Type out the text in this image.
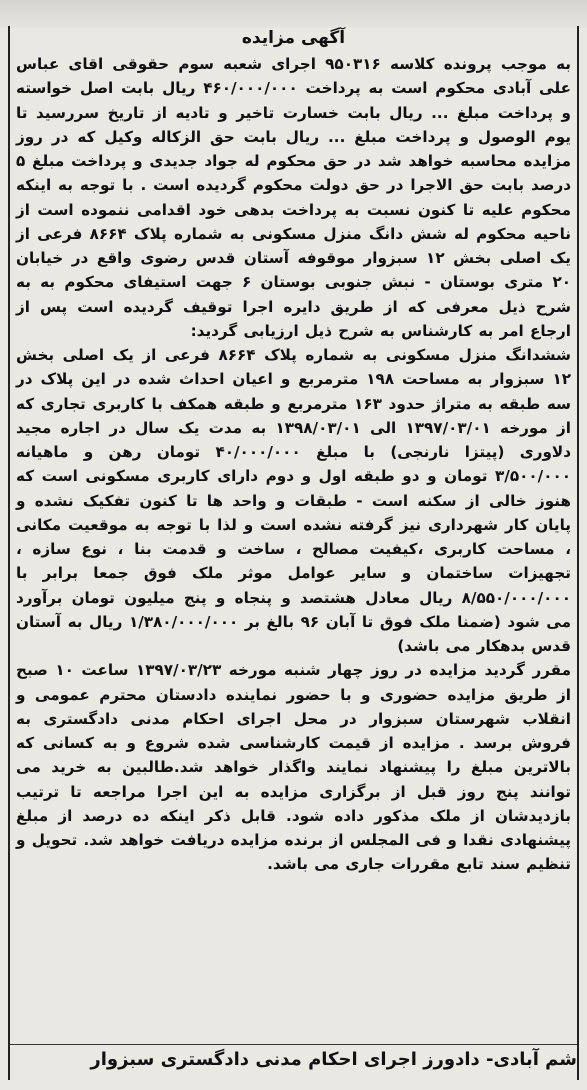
آگهی مزایده

به موجب پرونده کلاسه ۹۵۰۳۱۶ اجرای شعبه سوم حقوقی اقای عباس علی آبادی محکوم است به پرداخت ۴۶۰/۰۰۰/۰۰۰ ریال بابت اصل خواسته و پرداخت مبلغ ... ریال بابت خسارت تاخیر و تادیه از تاریخ سررسید تا یوم الوصول و پرداخت مبلغ ... ریال بابت حق الزکاله وکیل که در روز مزایده محاسبه خواهد شد در حق محکوم له جواد جدیدی و پرداخت مبلغ ۵ درصد بابت حق الاجرا در حق دولت محکوم گردیده است . با توجه به اینکه محکوم علیه تا کنون نسبت به پرداخت بدهی خود اقدامی ننموده است از ناحیه محکوم له شش دانگ منزل مسکونی به شماره پلاک ۸۶۶۴ فرعی از یک اصلی بخش ۱۲ سبزوار موقوفه آستان قدس رضوی واقع در خیابان ۲۰ متری بوستان - نبش جنوبی بوستان ۶ جهت استیفای محکوم به به شرح ذیل معرفی که از طریق دایره اجرا توقیف گردیده است پس از ارجاع امر به کارشناس به شرح ذیل ارزیابی گردید:

ششدانگ منزل مسکونی به شماره پلاک ۸۶۶۴ فرعی از یک اصلی بخش ۱۲ سبزوار به مساحت ۱۹۸ مترمربع و اعیان احداث شده در این پلاک در سه طبقه به متراژ حدود ۱۶۳ مترمربع و طبقه همکف با کاربری تجاری که از مورخه ۱۳۹۷/۰۳/۰۱ الی ۱۳۹۸/۰۳/۰۱ به مدت یک سال در اجاره مجید دلاوری (پیتزا نارنجی) با مبلغ ۴۰/۰۰۰/۰۰۰ تومان رهن و ماهیانه ۳/۵۰۰/۰۰۰ تومان و دو طبقه اول و دوم دارای کاربری مسکونی است که هنوز خالی از سکنه است - طبقات و واحد ها تا کنون تفکیک نشده و پایان کار شهرداری نیز گرفته نشده است و لذا با توجه به موقعیت مکانی ، مساحت کاربری ،کیفیت مصالح ، ساخت و قدمت بنا ، نوع سازه ، تجهیزات ساختمان و سایر عوامل موثر ملک فوق جمعا برابر با ۸/۵۵۰/۰۰۰/۰۰۰ ریال معادل هشتصد و پنجاه و پنج میلیون تومان برآورد می شود (ضمنا ملک فوق تا آبان ۹۶ بالغ بر ۱/۳۸۰/۰۰۰/۰۰۰ ریال به آستان قدس بدهکار می باشد)

مقرر گردید مزایده در روز چهار شنبه مورخه ۱۳۹۷/۰۳/۲۳ ساعت ۱۰ صبح از طریق مزایده حضوری و با حضور نماینده دادستان محترم عمومی و انقلاب شهرستان سبزوار در محل اجرای احکام مدنی دادگستری به فروش برسد . مزایده از قیمت کارشناسی شده شروع و به کسانی که بالاترین مبلغ را پیشنهاد نمایند واگذار خواهد شد.طالبین به خرید می توانند پنج روز قبل از برگزاری مزایده به این اجرا مراجعه تا ترتیب بازدیدشان از ملک مذکور داده شود. قابل ذکر اینکه ده درصد از مبلغ پیشنهادی نقدا و فی المجلس از برنده مزایده دریافت خواهد شد. تحویل و تنظیم سند تابع مقررات جاری می باشد.

شم آبادی- دادورز اجرای احکام مدنی دادگستری سبزوار
